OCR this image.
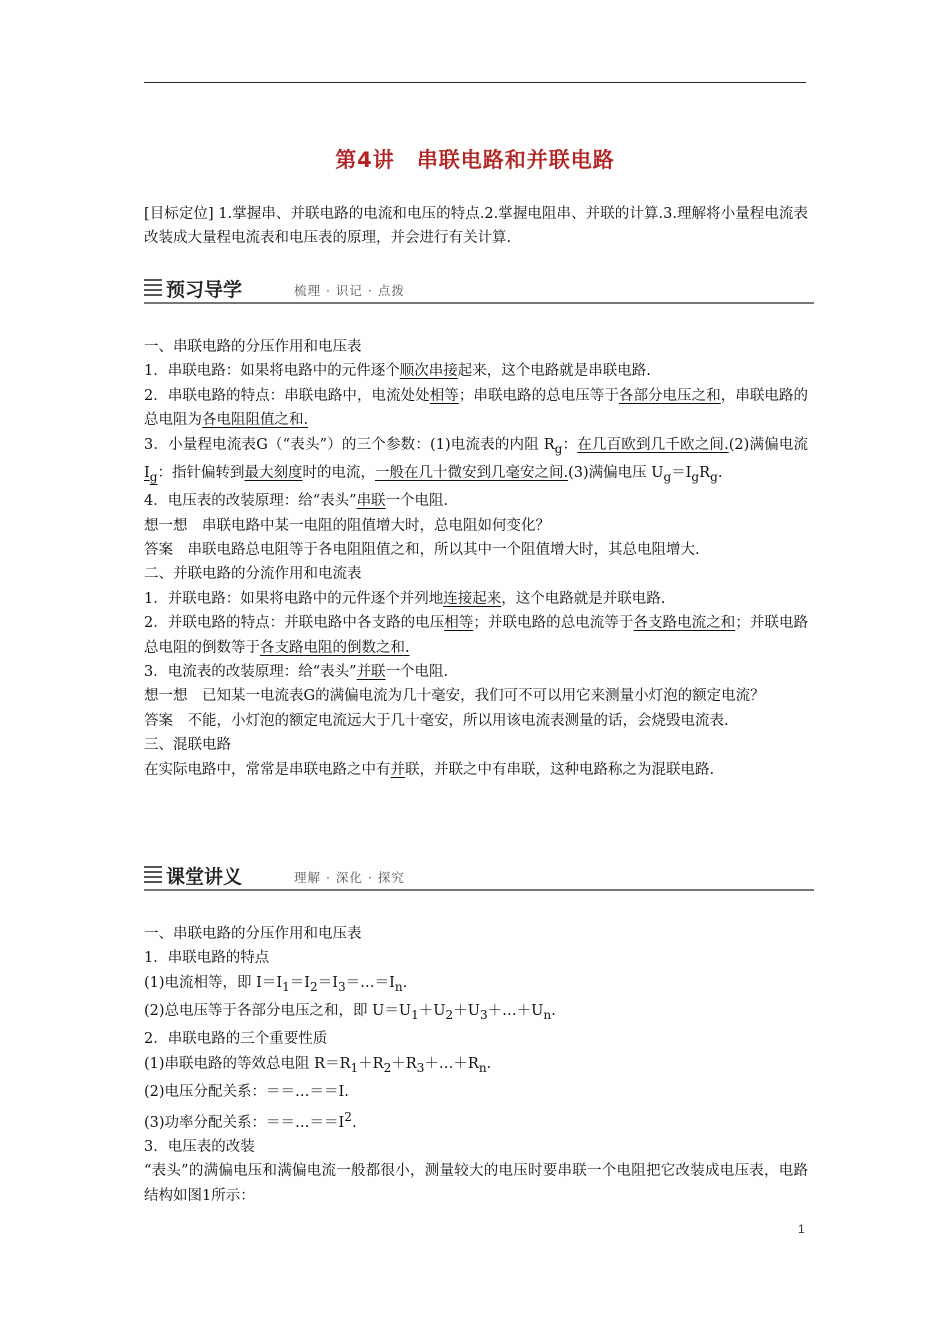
第4讲 串联电路和并联电路

[目标定位] 1.掌握串、并联电路的电流和电压的特点.2.掌握电阻串、并联的计算.3.理解将小量程电流表改装成大量程电流表和电压表的原理，并会进行有关计算.

预习导学	梳理 · 识记 · 点拨

一、串联电路的分压作用和电压表

1．串联电路：如果将电路中的元件逐个顺次串接起来，这个电路就是串联电路.

2．串联电路的特点：串联电路中，电流处处相等；串联电路的总电压等于各部分电压之和，串联电路的总电阻为各电阻阻值之和.

3．小量程电流表G（“表头”）的三个参数：(1)电流表的内阻 $R_g$：在几百欧到几千欧之间.(2)满偏电流 $I_g$：指针偏转到最大刻度时的电流，一般在几十微安到几毫安之间.(3)满偏电压 $U_g=I_gR_g$.

4．电压表的改装原理：给“表头”串联一个电阻.

想一想　串联电路中某一电阻的阻值增大时，总电阻如何变化？

答案　串联电路总电阻等于各电阻阻值之和，所以其中一个阻值增大时，其总电阻增大.

二、并联电路的分流作用和电流表

1．并联电路：如果将电路中的元件逐个并列地连接起来，这个电路就是并联电路.

2．并联电路的特点：并联电路中各支路的电压相等；并联电路的总电流等于各支路电流之和；并联电路总电阻的倒数等于各支路电阻的倒数之和.

3．电流表的改装原理：给“表头”并联一个电阻.

想一想　已知某一电流表G的满偏电流为几十毫安，我们可不可以用它来测量小灯泡的额定电流？

答案　不能，小灯泡的额定电流远大于几十毫安，所以用该电流表测量的话，会烧毁电流表.

三、混联电路

在实际电路中，常常是串联电路之中有并联，并联之中有串联，这种电路称之为混联电路.

课堂讲义	理解 · 深化 · 探究

一、串联电路的分压作用和电压表

1．串联电路的特点

(1)电流相等，即 $I=I_1=I_2=I_3=\dots=I_n$.

(2)总电压等于各部分电压之和，即 $U=U_1+U_2+U_3+\dots+U_n$.

2．串联电路的三个重要性质

(1)串联电路的等效总电阻 $R=R_1+R_2+R_3+\dots+R_n$.

(2)电压分配关系：＝＝…＝＝I.

(3)功率分配关系：$==\dots==I^2$.

3．电压表的改装

“表头”的满偏电压和满偏电流一般都很小，测量较大的电压时要串联一个电阻把它改装成电压表，电路结构如图1所示：

1
